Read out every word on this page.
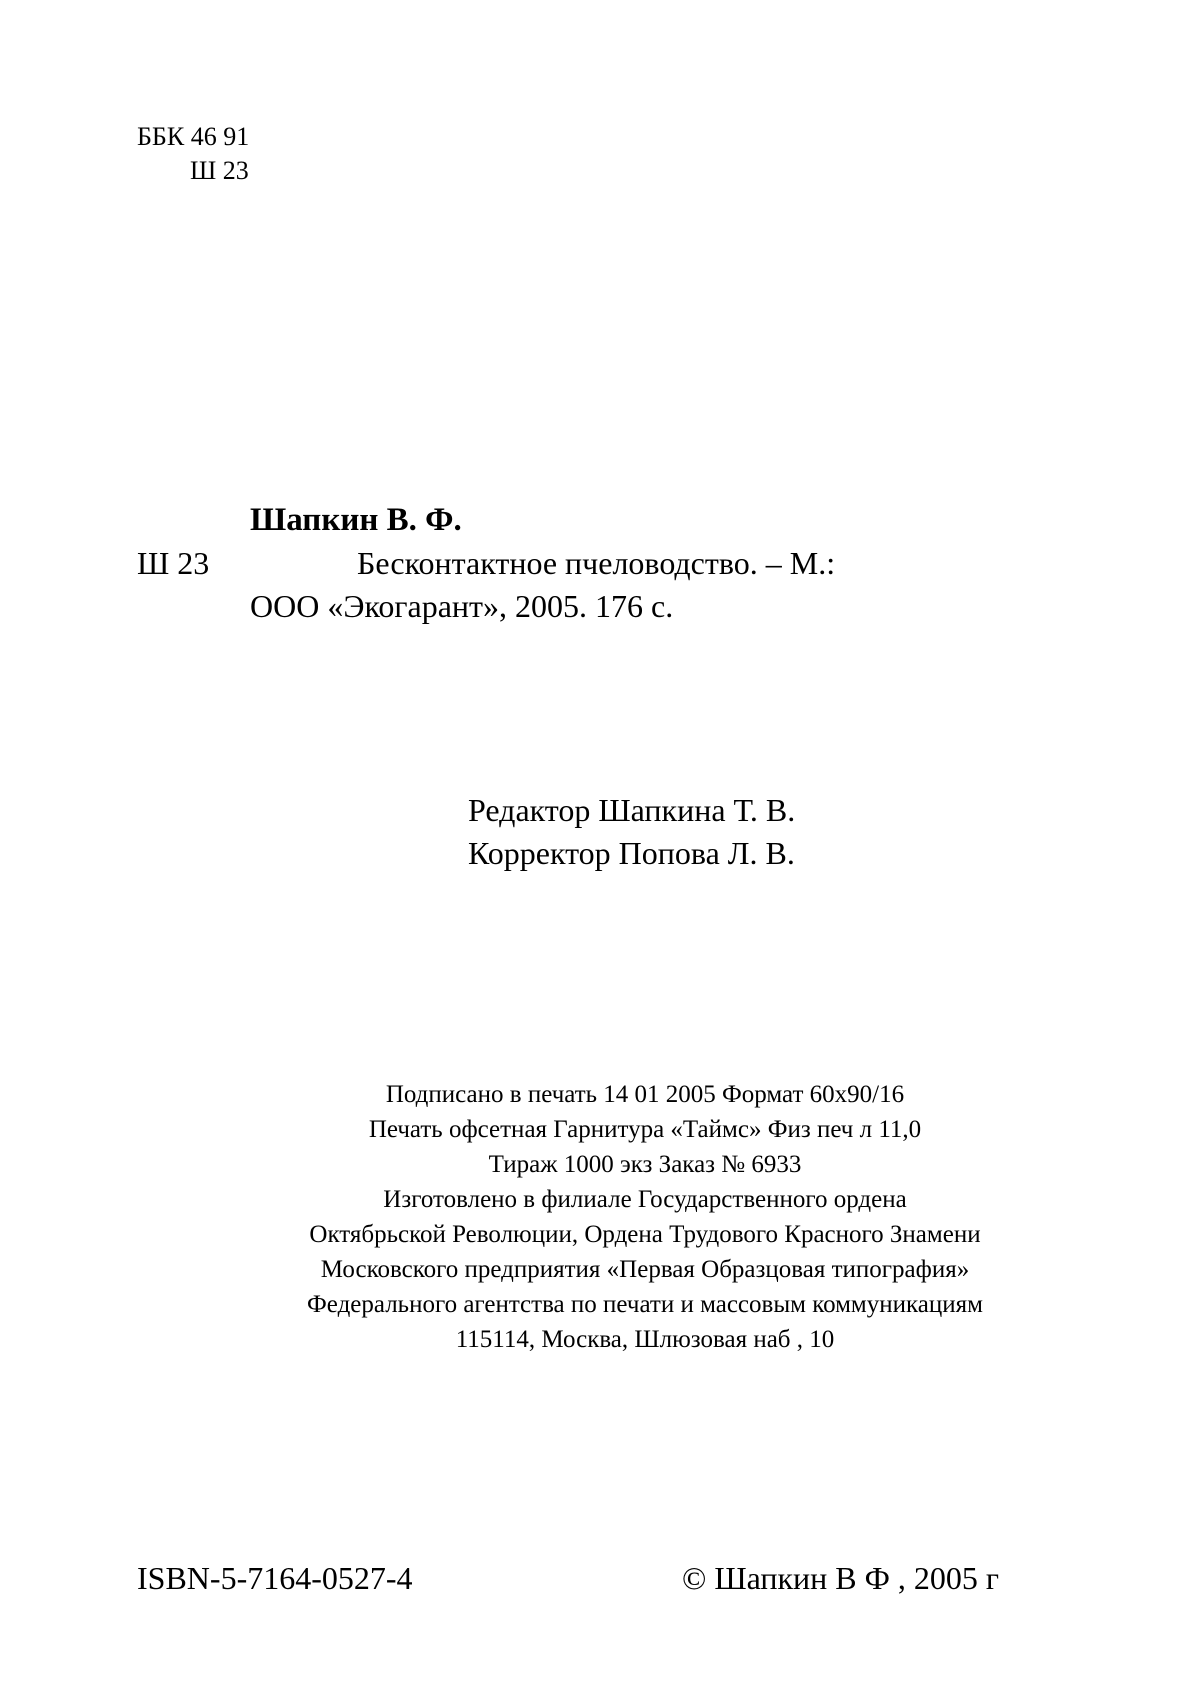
ББК 46 91
Ш 23
Шапкин В. Ф.
Ш 23	Бесконтактное пчеловодство. – М.:
ООО «Экогарант», 2005. 176 с.
Редактор Шапкина Т. В.
Корректор Попова Л. В.
Подписано в печать 14 01 2005 Формат 60x90/16
Печать офсетная Гарнитура «Таймс» Физ печ л 11,0
Тираж 1000 экз Заказ № 6933
Изготовлено в филиале Государственного ордена
Октябрьской Революции, Ордена Трудового Красного Знамени
Московского предприятия «Первая Образцовая типография»
Федерального агентства по печати и массовым коммуникациям
115114, Москва, Шлюзовая наб , 10
ISBN-5-7164-0527-4	© Шапкин В Ф , 2005 г
